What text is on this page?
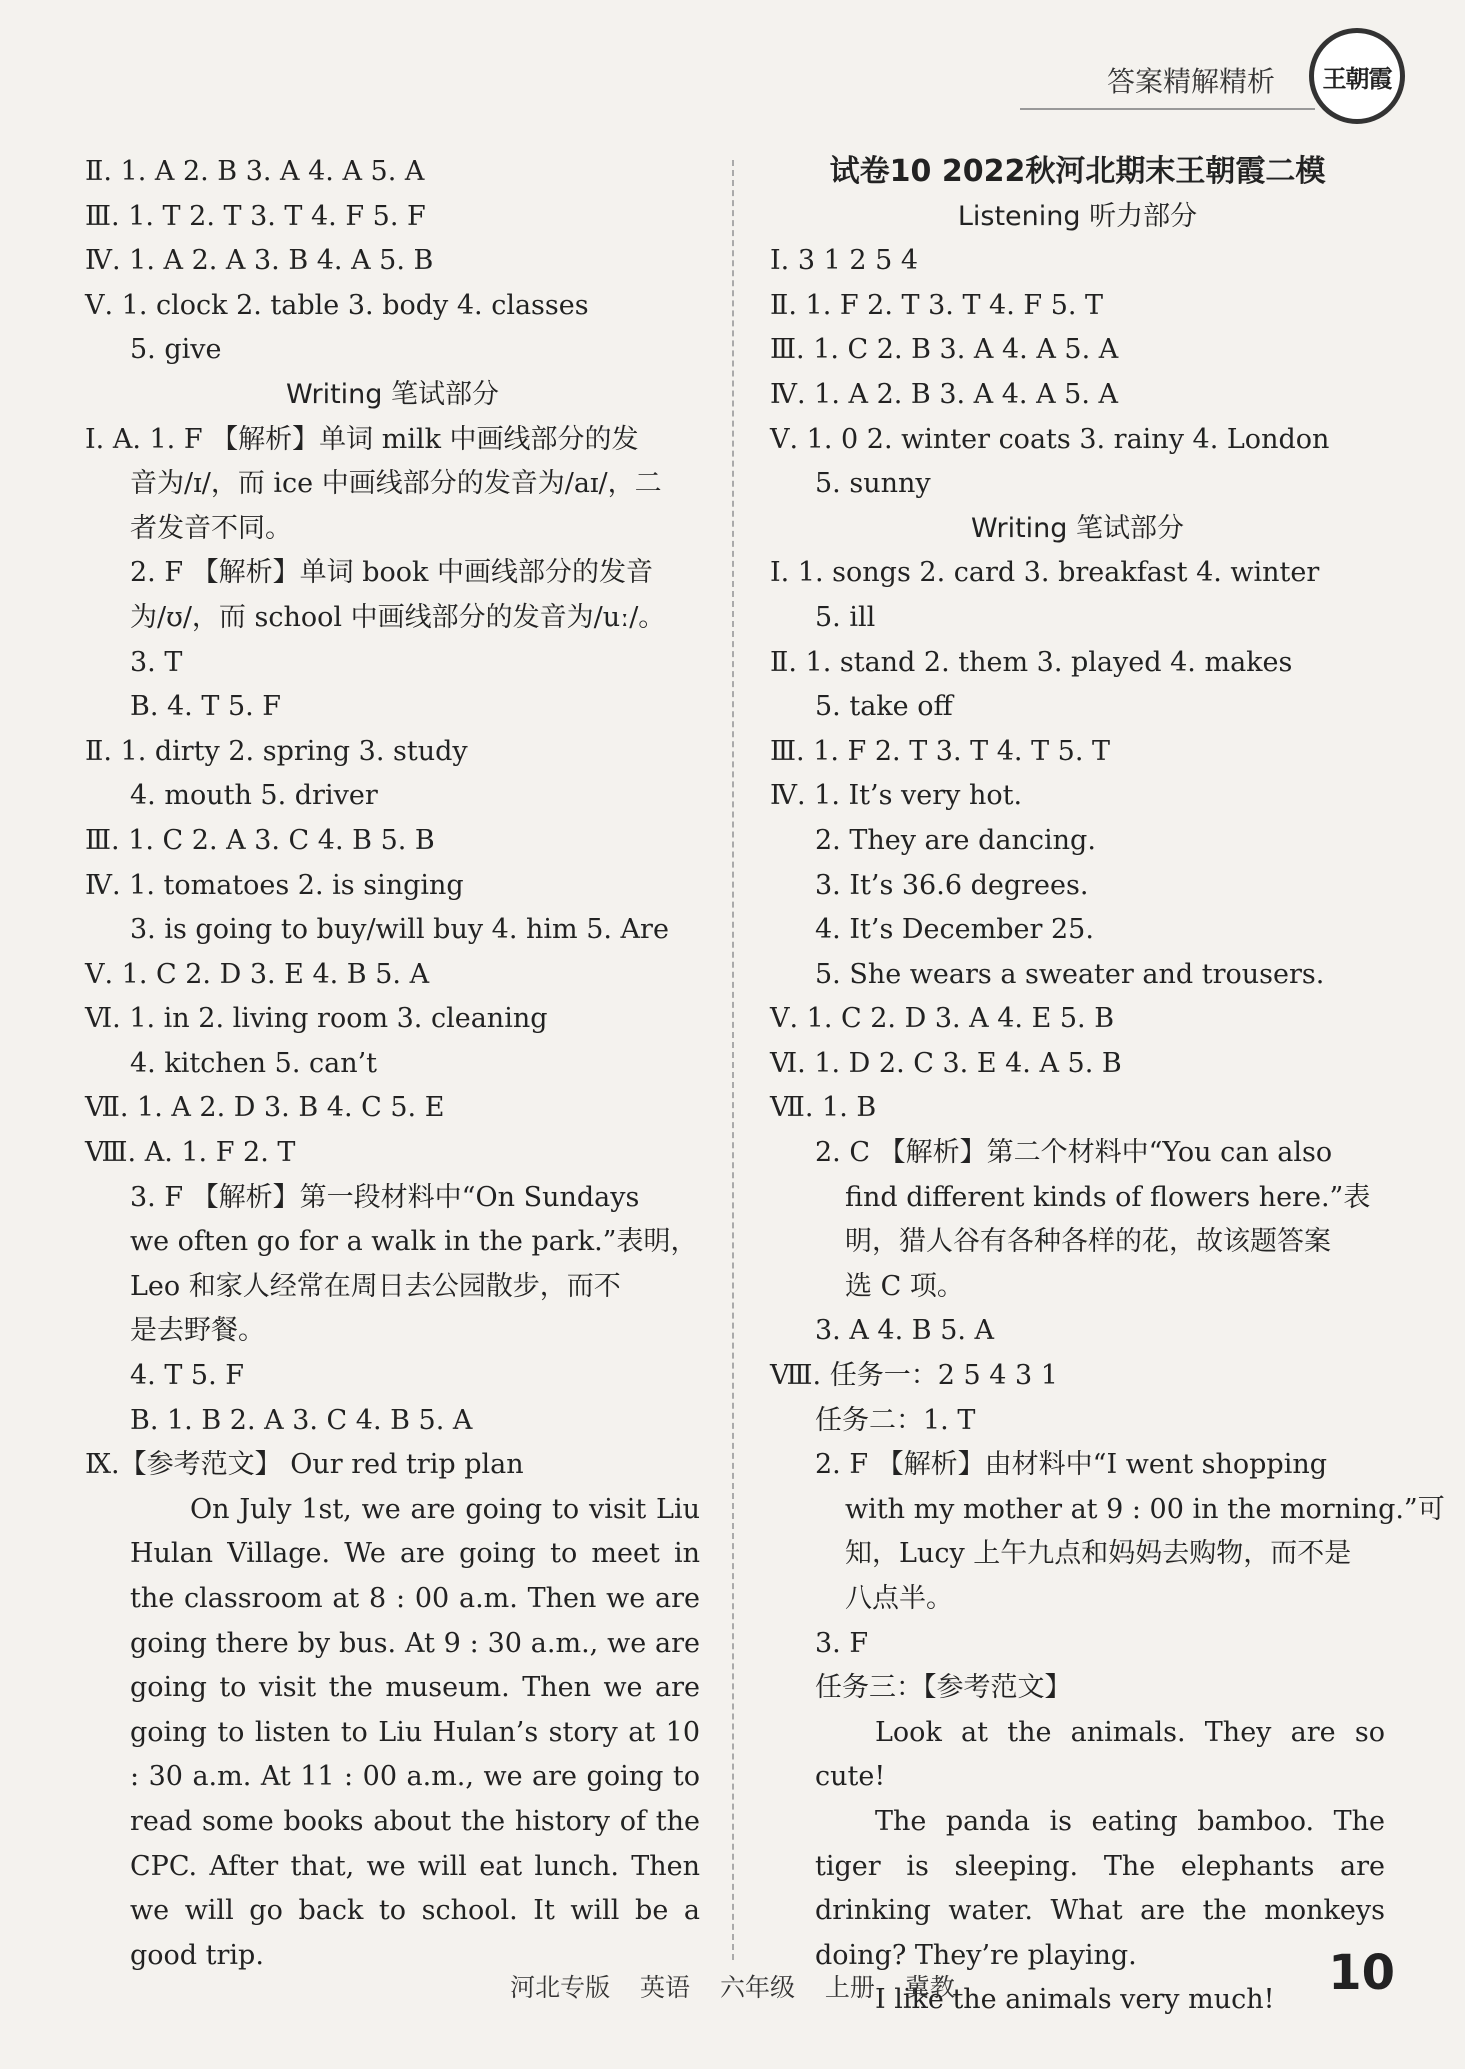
答案精解精析 王朝霞
Ⅱ. 1. A 2. B 3. A 4. A 5. A
Ⅲ. 1. T 2. T 3. T 4. F 5. F
Ⅳ. 1. A 2. A 3. B 4. A 5. B
Ⅴ. 1. clock 2. table 3. body 4. classes
5. give
Writing 笔试部分
Ⅰ. A. 1. F 【解析】单词 milk 中画线部分的发
音为/ɪ/，而 ice 中画线部分的发音为/aɪ/，二
者发音不同。
2. F 【解析】单词 book 中画线部分的发音
为/ʊ/，而 school 中画线部分的发音为/uː/。
3. T
B. 4. T 5. F
Ⅱ. 1. dirty 2. spring 3. study
4. mouth 5. driver
Ⅲ. 1. C 2. A 3. C 4. B 5. B
Ⅳ. 1. tomatoes 2. is singing
3. is going to buy/will buy 4. him 5. Are
Ⅴ. 1. C 2. D 3. E 4. B 5. A
Ⅵ. 1. in 2. living room 3. cleaning
4. kitchen 5. can’t
Ⅶ. 1. A 2. D 3. B 4. C 5. E
Ⅷ. A. 1. F 2. T
3. F 【解析】第一段材料中“On Sundays
we often go for a walk in the park.”表明，
Leo 和家人经常在周日去公园散步，而不
是去野餐。
4. T 5. F
B. 1. B 2. A 3. C 4. B 5. A
Ⅸ.【参考范文】 Our red trip plan
On July 1st, we are going to visit Liu Hulan Village. We are going to meet in the classroom at 8 : 00 a.m. Then we are going there by bus. At 9 : 30 a.m., we are going to visit the museum. Then we are going to listen to Liu Hulan’s story at 10 : 30 a.m. At 11 : 00 a.m., we are going to read some books about the history of the CPC. After that, we will eat lunch. Then we will go back to school. It will be a good trip.
试卷10 2022秋河北期末王朝霞二模
Listening 听力部分
Ⅰ. 3 1 2 5 4
Ⅱ. 1. F 2. T 3. T 4. F 5. T
Ⅲ. 1. C 2. B 3. A 4. A 5. A
Ⅳ. 1. A 2. B 3. A 4. A 5. A
Ⅴ. 1. 0 2. winter coats 3. rainy 4. London
5. sunny
Writing 笔试部分
Ⅰ. 1. songs 2. card 3. breakfast 4. winter
5. ill
Ⅱ. 1. stand 2. them 3. played 4. makes
5. take off
Ⅲ. 1. F 2. T 3. T 4. T 5. T
Ⅳ. 1. It’s very hot.
2. They are dancing.
3. It’s 36.6 degrees.
4. It’s December 25.
5. She wears a sweater and trousers.
Ⅴ. 1. C 2. D 3. A 4. E 5. B
Ⅵ. 1. D 2. C 3. E 4. A 5. B
Ⅶ. 1. B
2. C 【解析】第二个材料中“You can also
find different kinds of flowers here.”表
明，猎人谷有各种各样的花，故该题答案
选 C 项。
3. A 4. B 5. A
Ⅷ. 任务一：2 5 4 3 1
任务二：1. T
2. F 【解析】由材料中“I went shopping
with my mother at 9 : 00 in the morning.”可
知，Lucy 上午九点和妈妈去购物，而不是
八点半。
3. F
任务三：【参考范文】
Look at the animals. They are so cute!
The panda is eating bamboo. The tiger is sleeping. The elephants are drinking water. What are the monkeys doing? They’re playing.
I like the animals very much!
河北专版 英语 六年级 上册 冀教	10
